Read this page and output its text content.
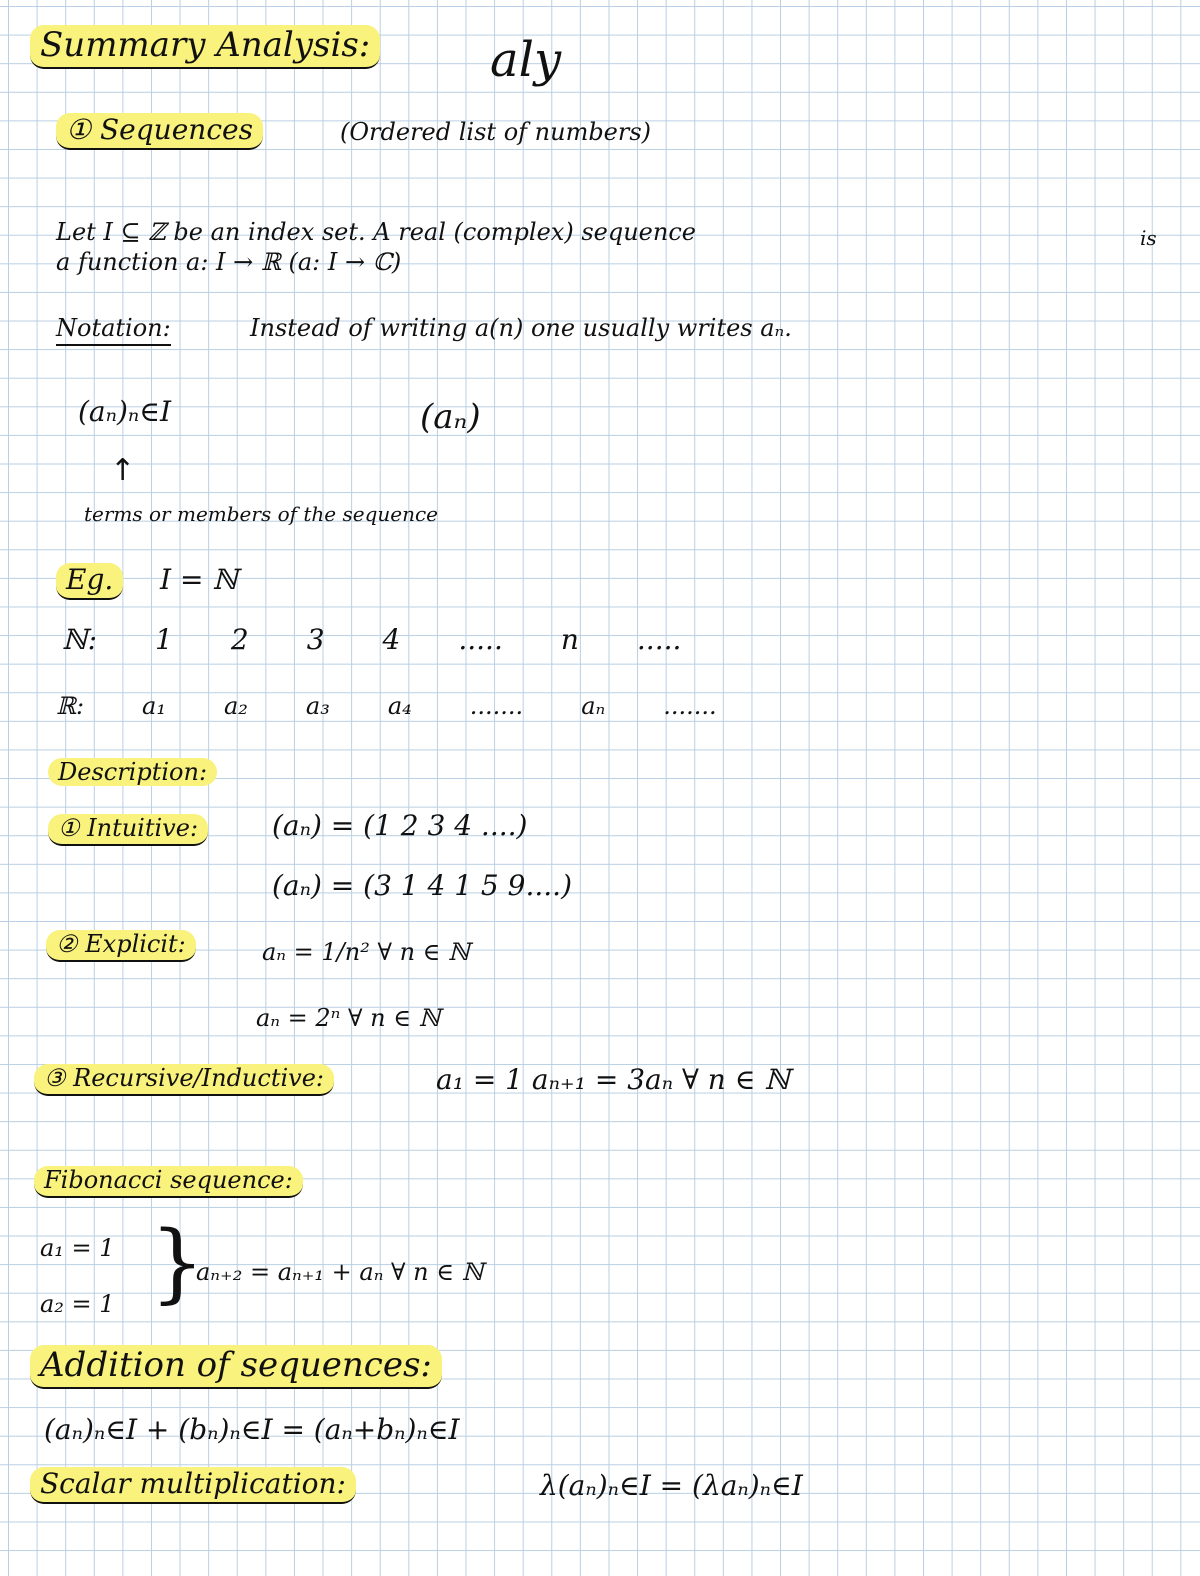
Summary Analysis: aly
① Sequences	(Ordered list of numbers)
Let I ⊆ ℤ be an index set. A real (complex) sequence	is
a function a: I → ℝ (a: I → ℂ)
Notation:	Instead of writing a(n) one usually writes aₙ.
(aₙ)ₙ∈I	(aₙ)
↑
terms or members of the sequence
Eg.	I = ℕ
ℕ: 1 2 3 4 ..... n .....
ℝ: a₁ a₂ a₃ a₄ ....... aₙ .......
Description:
① Intuitive:	(aₙ) = (1 2 3 4 ....)
(aₙ) = (3 1 4 1 5 9....)
② Explicit:	aₙ = 1/n² ∀ n ∈ ℕ
aₙ = 2ⁿ ∀ n ∈ ℕ
③ Recursive/Inductive:	a₁ = 1 aₙ₊₁ = 3aₙ ∀ n ∈ ℕ
Fibonacci sequence:
a₁ = 1
a₂ = 1 }
aₙ₊₂ = aₙ₊₁ + aₙ ∀ n ∈ ℕ
Addition of sequences:
(aₙ)ₙ∈I + (bₙ)ₙ∈I = (aₙ+bₙ)ₙ∈I
Scalar multiplication:	λ(aₙ)ₙ∈I = (λaₙ)ₙ∈I
